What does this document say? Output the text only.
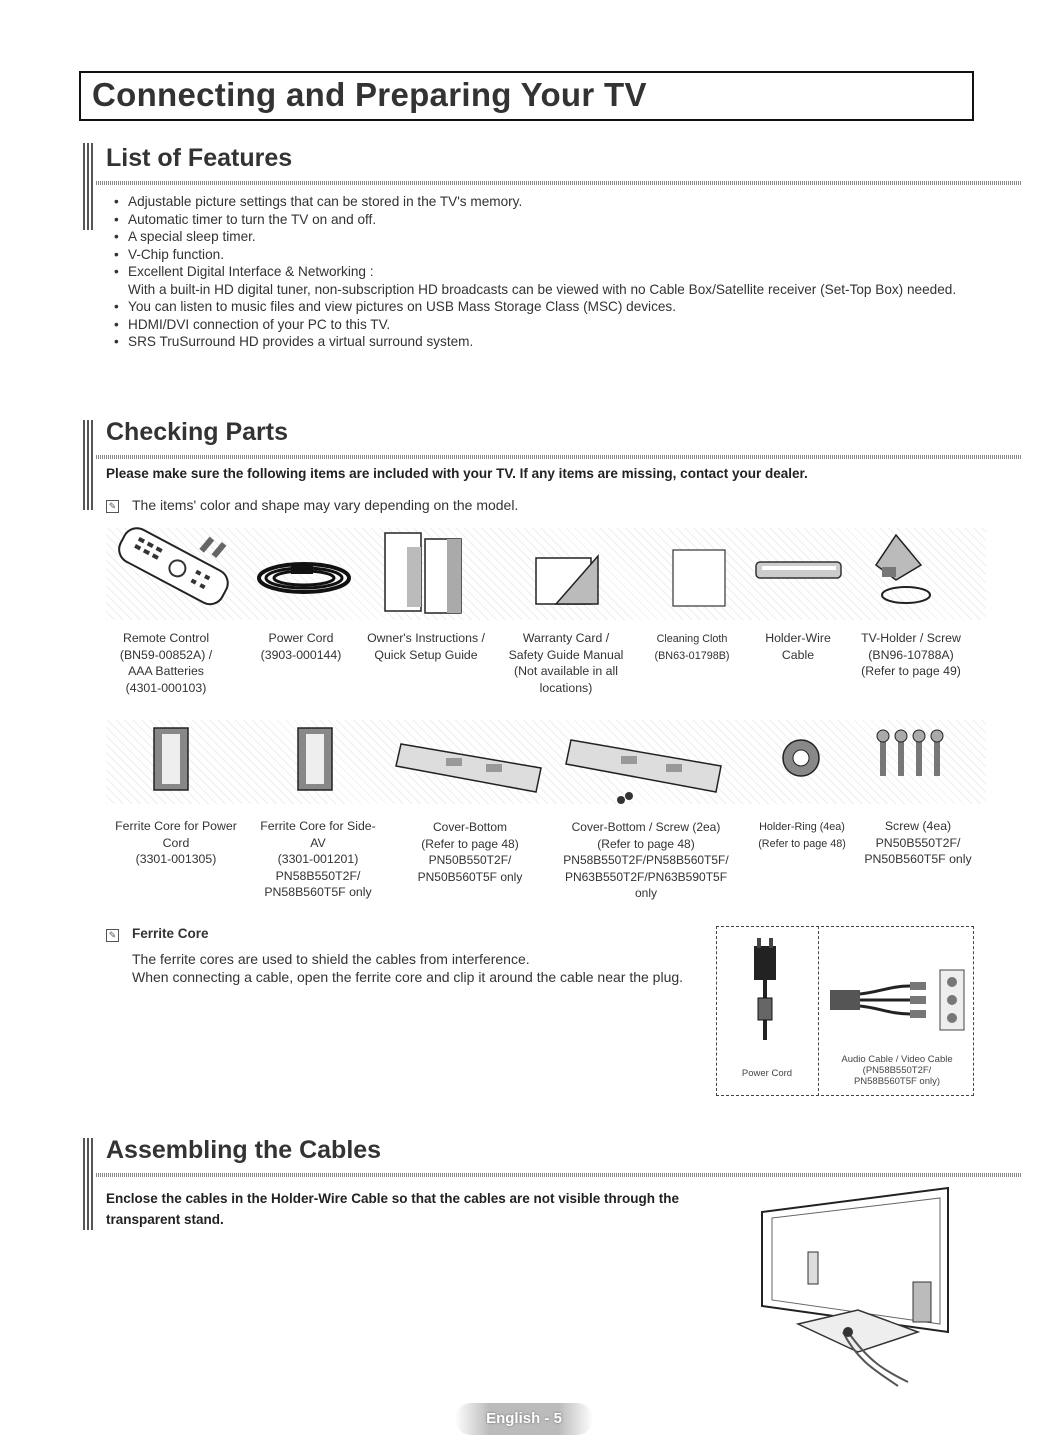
Connecting and Preparing Your TV
List of Features
• Adjustable picture settings that can be stored in the TV's memory.
• Automatic timer to turn the TV on and off.
• A special sleep timer.
• V-Chip function.
• Excellent Digital Interface & Networking :
With a built-in HD digital tuner, non-subscription HD broadcasts can be viewed with no Cable Box/Satellite receiver (Set-Top Box) needed.
• You can listen to music files and view pictures on USB Mass Storage Class (MSC) devices.
• HDMI/DVI connection of your PC to this TV.
• SRS TruSurround HD provides a virtual surround system.
Checking Parts
Please make sure the following items are included with your TV. If any items are missing, contact your dealer.
✎ The items' color and shape may vary depending on the model.
Remote Control
(BN59-00852A) /
AAA Batteries
(4301-000103)
Power Cord
(3903-000144)
Owner's Instructions /
Quick Setup Guide
Warranty Card /
Safety Guide Manual
(Not available in all
locations)
Cleaning Cloth
(BN63-01798B)
Holder-Wire
Cable
TV-Holder / Screw
(BN96-10788A)
(Refer to page 49)
Ferrite Core for Power
Cord
(3301-001305)
Ferrite Core for Side-
AV
(3301-001201)
PN58B550T2F/
PN58B560T5F only
Cover-Bottom
(Refer to page 48)
PN50B550T2F/
PN50B560T5F only
Cover-Bottom / Screw (2ea)
(Refer to page 48)
PN58B550T2F/PN58B560T5F/
PN63B550T2F/PN63B590T5F
only
Holder-Ring (4ea)
(Refer to page 48)
Screw (4ea)
PN50B550T2F/
PN50B560T5F only
✎ Ferrite Core
The ferrite cores are used to shield the cables from interference.
When connecting a cable, open the ferrite core and clip it around the cable near the plug.
Power Cord
Audio Cable / Video Cable
(PN58B550T2F/
PN58B560T5F only)
Assembling the Cables
Enclose the cables in the Holder-Wire Cable so that the cables are not visible through the transparent stand.
English - 5
